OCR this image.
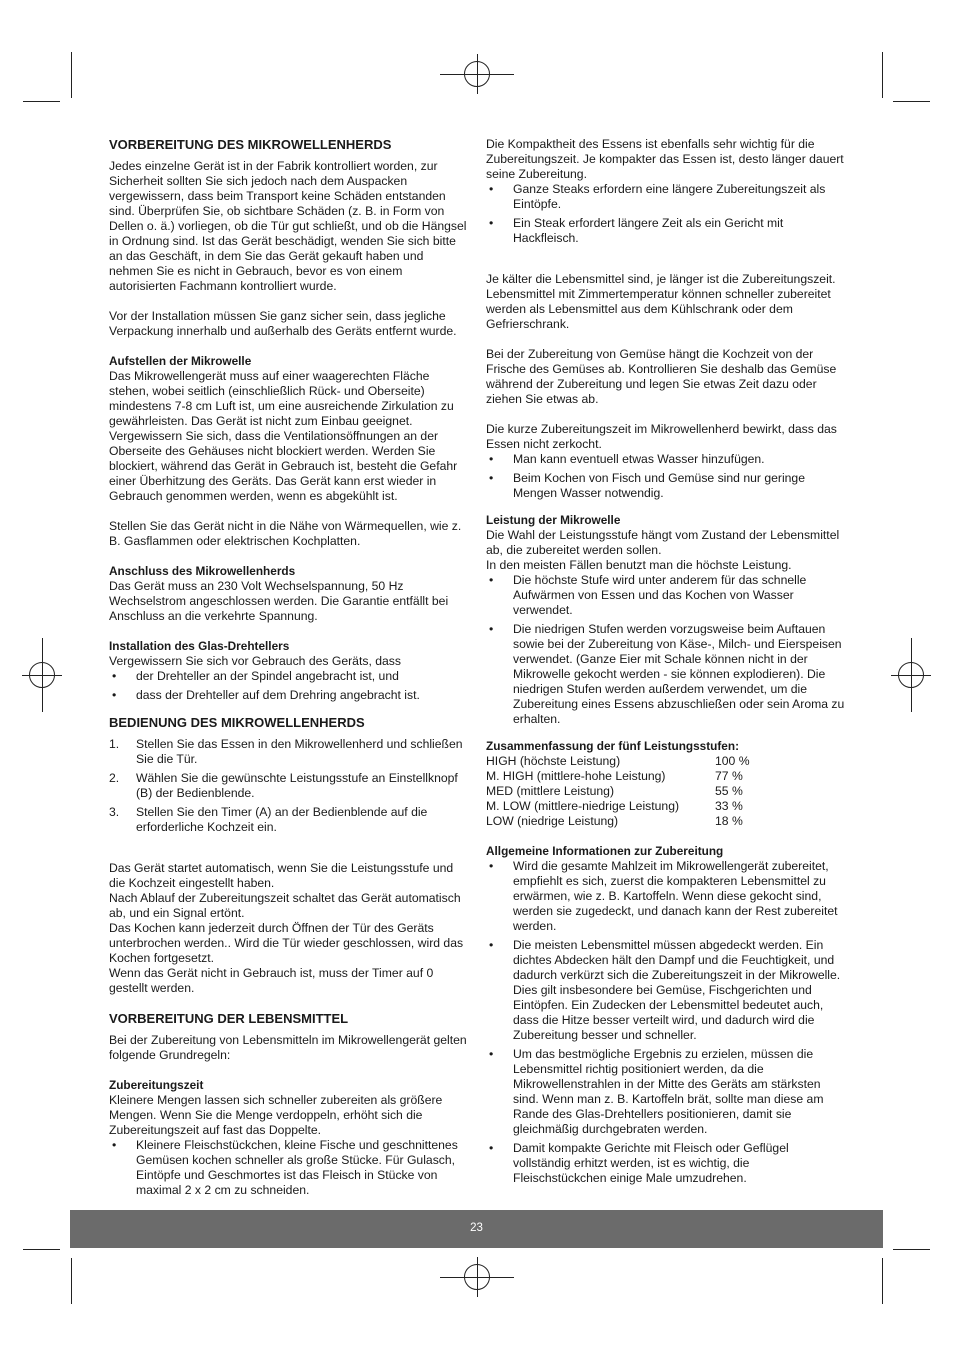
VORBEREITUNG DES MIKROWELLENHERDS
Jedes einzelne Gerät ist in der Fabrik kontrolliert worden, zur Sicherheit sollten Sie sich jedoch nach dem Auspacken vergewissern, dass beim Transport keine Schäden entstanden sind. Überprüfen Sie, ob sichtbare Schäden (z. B. in Form von Dellen o. ä.) vorliegen, ob die Tür gut schließt, und ob die Hängsel in Ordnung sind. Ist das Gerät beschädigt, wenden Sie sich bitte an das Geschäft, in dem Sie das Gerät gekauft haben und nehmen Sie es nicht in Gebrauch, bevor es von einem autorisierten Fachmann kontrolliert wurde.
Vor der Installation müssen Sie ganz sicher sein, dass jegliche Verpackung innerhalb und außerhalb des Geräts entfernt wurde.
Aufstellen der Mikrowelle
Das Mikrowellengerät muss auf einer waagerechten Fläche stehen, wobei seitlich (einschließlich Rück- und Oberseite) mindestens 7-8 cm Luft ist, um eine ausreichende Zirkulation zu gewährleisten. Das Gerät ist nicht zum Einbau geeignet. Vergewissern Sie sich, dass die Ventilationsöffnungen an der Oberseite des Gehäuses nicht blockiert werden. Werden Sie blockiert, während das Gerät in Gebrauch ist, besteht die Gefahr einer Überhitzung des Geräts. Das Gerät kann erst wieder in Gebrauch genommen werden, wenn es abgekühlt ist.
Stellen Sie das Gerät nicht in die Nähe von Wärmequellen, wie z. B. Gasflammen oder elektrischen Kochplatten.
Anschluss des Mikrowellenherds
Das Gerät muss an 230 Volt Wechselspannung, 50 Hz Wechselstrom angeschlossen werden. Die Garantie entfällt bei Anschluss an die verkehrte Spannung.
Installation des Glas-Drehtellers
Vergewissern Sie sich vor Gebrauch des Geräts, dass
• der Drehteller an der Spindel angebracht ist, und
• dass der Drehteller auf dem Drehring angebracht ist.
BEDIENUNG DES MIKROWELLENHERDS
1. Stellen Sie das Essen in den Mikrowellenherd und schließen Sie die Tür.
2. Wählen Sie die gewünschte Leistungsstufe an Einstellknopf (B) der Bedienblende.
3. Stellen Sie den Timer (A) an der Bedienblende auf die erforderliche Kochzeit ein.
Das Gerät startet automatisch, wenn Sie die Leistungsstufe und die Kochzeit eingestellt haben.
Nach Ablauf der Zubereitungszeit schaltet das Gerät automatisch ab, und ein Signal ertönt.
Das Kochen kann jederzeit durch Öffnen der Tür des Geräts unterbrochen werden.. Wird die Tür wieder geschlossen, wird das Kochen fortgesetzt.
Wenn das Gerät nicht in Gebrauch ist, muss der Timer auf 0 gestellt werden.
VORBEREITUNG DER LEBENSMITTEL
Bei der Zubereitung von Lebensmitteln im Mikrowellengerät gelten folgende Grundregeln:
Zubereitungszeit
Kleinere Mengen lassen sich schneller zubereiten als größere Mengen. Wenn Sie die Menge verdoppeln, erhöht sich die Zubereitungszeit auf fast das Doppelte.
• Kleinere Fleischstückchen, kleine Fische und geschnittenes Gemüsen kochen schneller als große Stücke. Für Gulasch, Eintöpfe und Geschmortes ist das Fleisch in Stücke von maximal 2 x 2 cm zu schneiden.
Die Kompaktheit des Essens ist ebenfalls sehr wichtig für die Zubereitungszeit. Je kompakter das Essen ist, desto länger dauert seine Zubereitung.
• Ganze Steaks erfordern eine längere Zubereitungszeit als Eintöpfe.
• Ein Steak erfordert längere Zeit als ein Gericht mit Hackfleisch.
Je kälter die Lebensmittel sind, je länger ist die Zubereitungszeit. Lebensmittel mit Zimmertemperatur können schneller zubereitet werden als Lebensmittel aus dem Kühlschrank oder dem Gefrierschrank.
Bei der Zubereitung von Gemüse hängt die Kochzeit von der Frische des Gemüses ab. Kontrollieren Sie deshalb das Gemüse während der Zubereitung und legen Sie etwas Zeit dazu oder ziehen Sie etwas ab.
Die kurze Zubereitungszeit im Mikrowellenherd bewirkt, dass das Essen nicht zerkocht.
• Man kann eventuell etwas Wasser hinzufügen.
• Beim Kochen von Fisch und Gemüse sind nur geringe Mengen Wasser notwendig.
Leistung der Mikrowelle
Die Wahl der Leistungsstufe hängt vom Zustand der Lebensmittel ab, die zubereitet werden sollen.
In den meisten Fällen benutzt man die höchste Leistung.
• Die höchste Stufe wird unter anderem für das schnelle Aufwärmen von Essen und das Kochen von Wasser verwendet.
• Die niedrigen Stufen werden vorzugsweise beim Auftauen sowie bei der Zubereitung von Käse-, Milch- und Eierspeisen verwendet. (Ganze Eier mit Schale können nicht in der Mikrowelle gekocht werden - sie können explodieren). Die niedrigen Stufen werden außerdem verwendet, um die Zubereitung eines Essens abzuschließen oder sein Aroma zu erhalten.
Zusammenfassung der fünf Leistungsstufen:
HIGH (höchste Leistung)	100 %
M. HIGH (mittlere-hohe Leistung)	77 %
MED (mittlere Leistung)	55 %
M. LOW (mittlere-niedrige Leistung)	33 %
LOW (niedrige Leistung)	18 %
Allgemeine Informationen zur Zubereitung
• Wird die gesamte Mahlzeit im Mikrowellengerät zubereitet, empfiehlt es sich, zuerst die kompakteren Lebensmittel zu erwärmen, wie z. B. Kartoffeln. Wenn diese gekocht sind, werden sie zugedeckt, und danach kann der Rest zubereitet werden.
• Die meisten Lebensmittel müssen abgedeckt werden. Ein dichtes Abdecken hält den Dampf und die Feuchtigkeit, und dadurch verkürzt sich die Zubereitungszeit in der Mikrowelle. Dies gilt insbesondere bei Gemüse, Fischgerichten und Eintöpfen. Ein Zudecken der Lebensmittel bedeutet auch, dass die Hitze besser verteilt wird, und dadurch wird die Zubereitung besser und schneller.
• Um das bestmögliche Ergebnis zu erzielen, müssen die Lebensmittel richtig positioniert werden, da die Mikrowellenstrahlen in der Mitte des Geräts am stärksten sind. Wenn man z. B. Kartoffeln brät, sollte man diese am Rande des Glas-Drehtellers positionieren, damit sie gleichmäßig durchgebraten werden.
• Damit kompakte Gerichte mit Fleisch oder Geflügel vollständig erhitzt werden, ist es wichtig, die Fleischstückchen einige Male umzudrehen.
23
